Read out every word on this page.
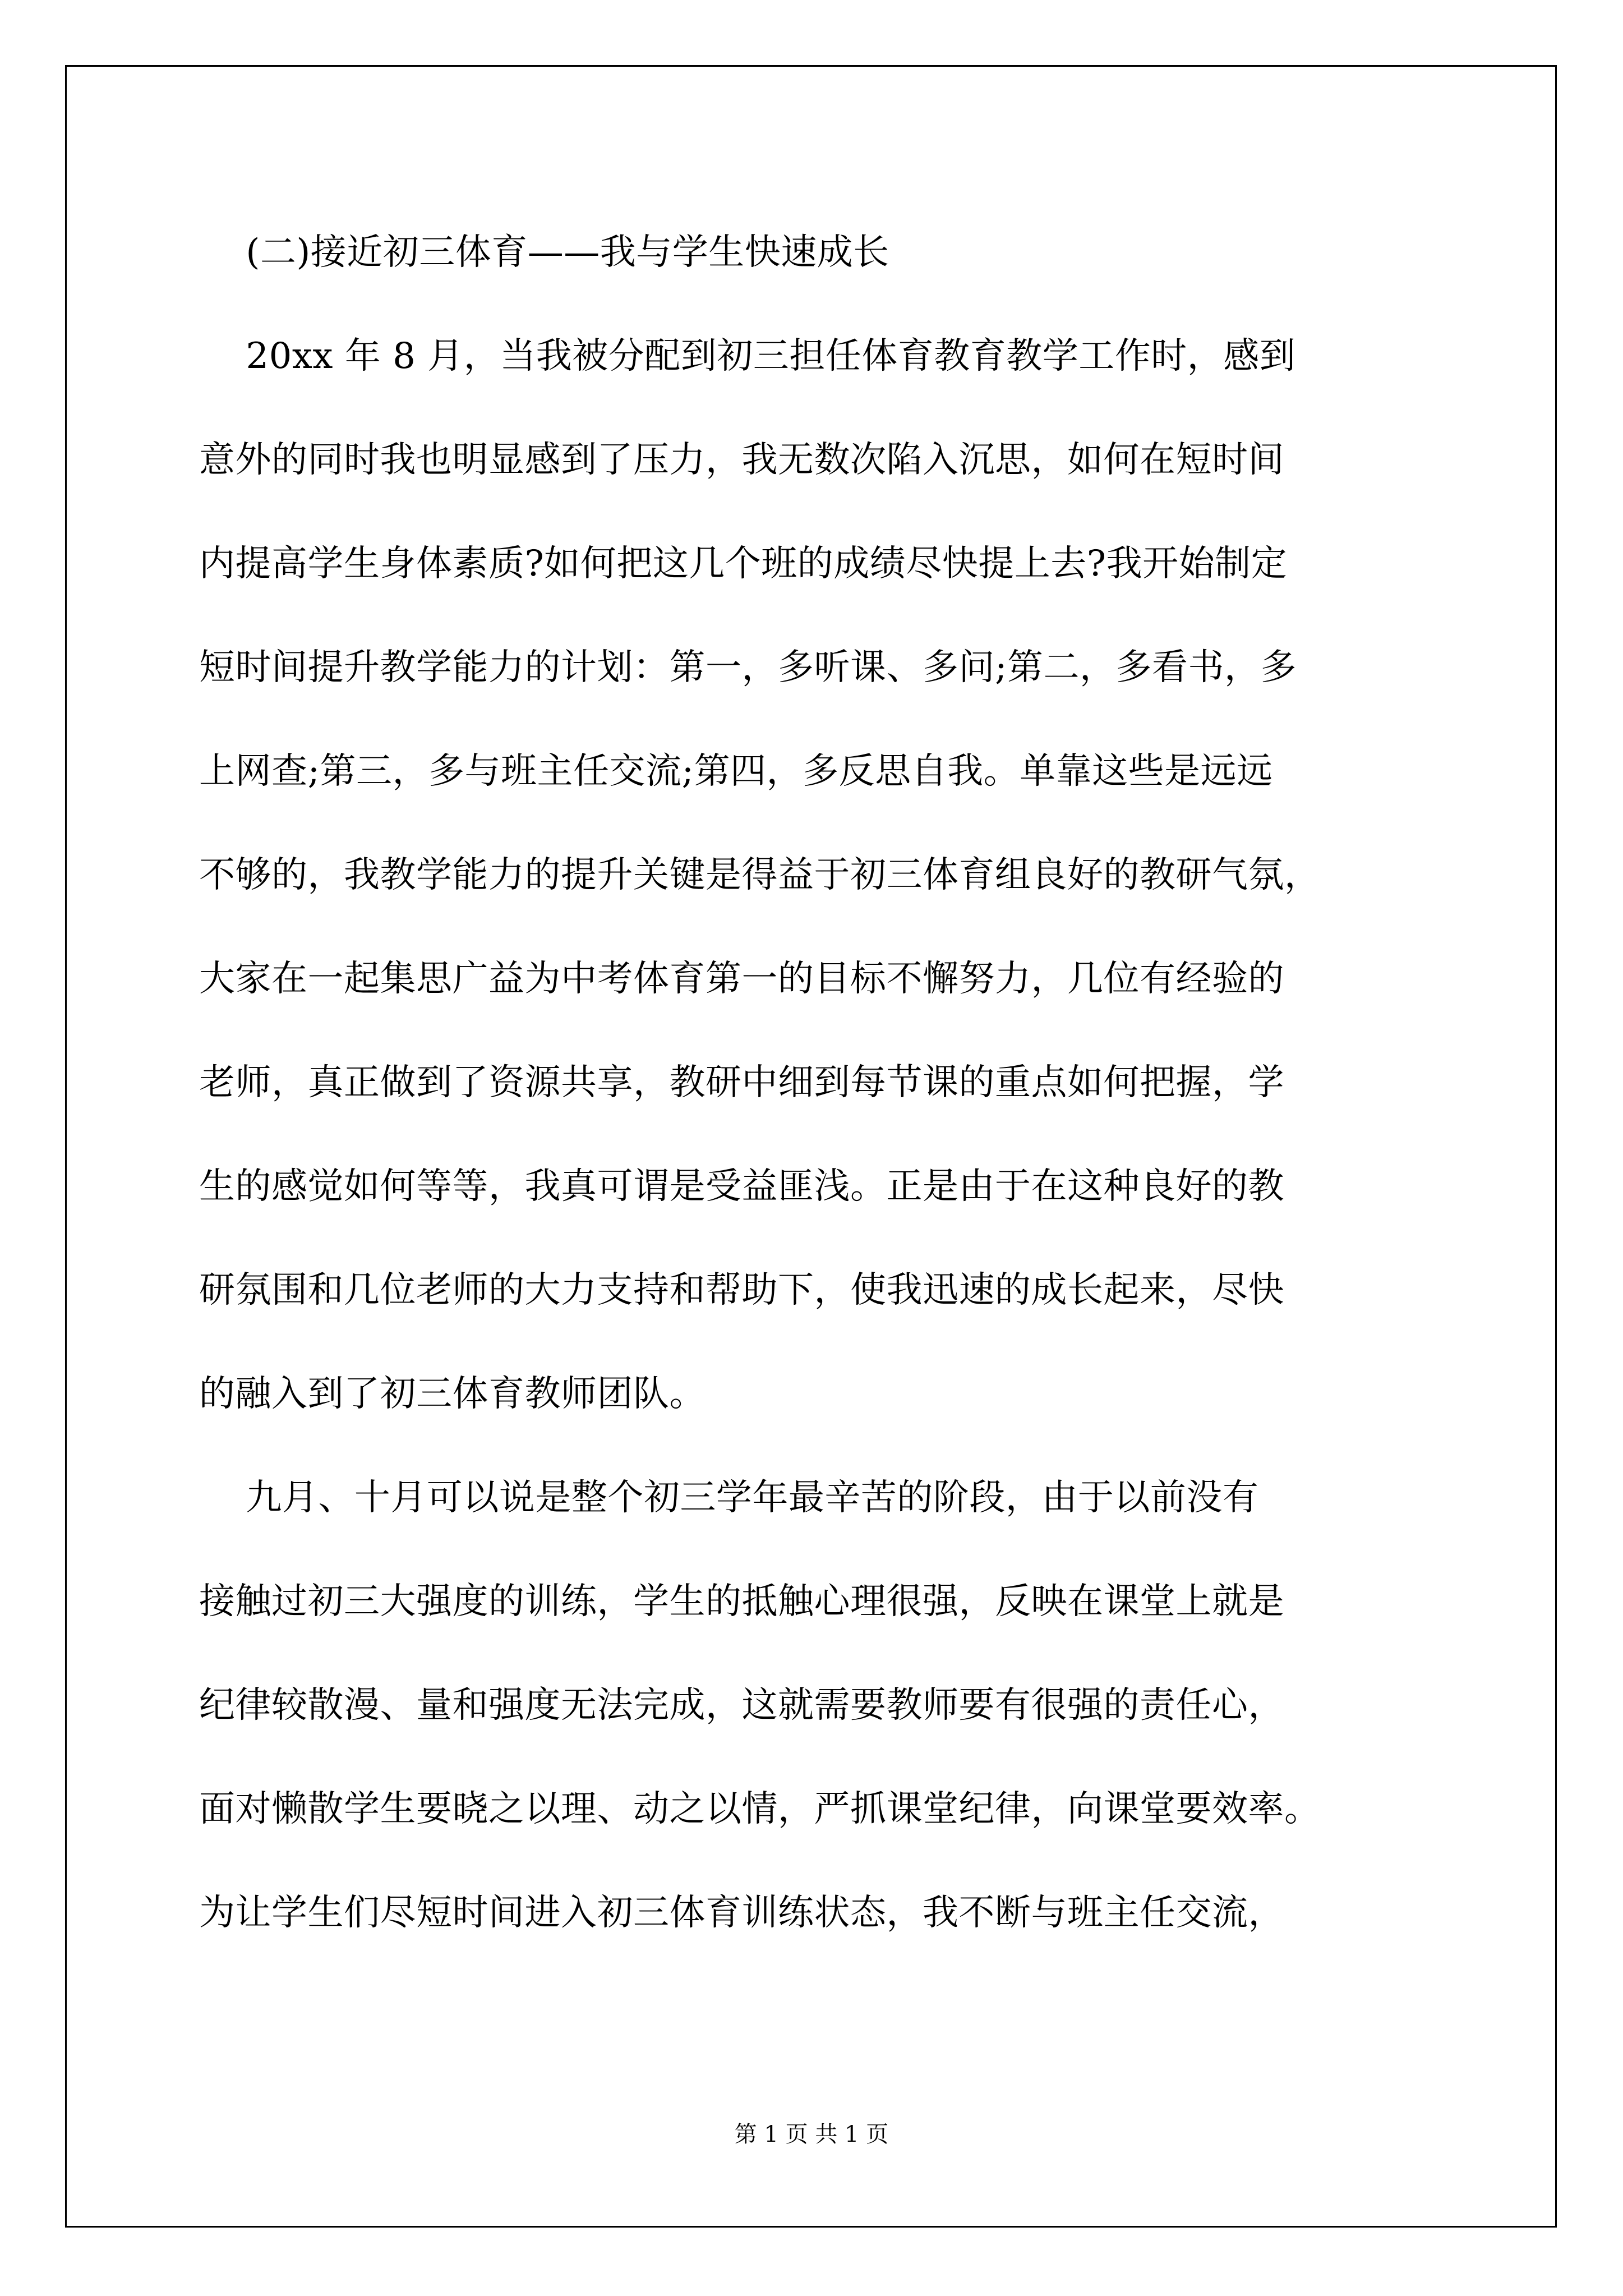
(二)接近初三体育——我与学生快速成长
20xx 年 8 月，当我被分配到初三担任体育教育教学工作时，感到
意外的同时我也明显感到了压力，我无数次陷入沉思，如何在短时间
内提高学生身体素质?如何把这几个班的成绩尽快提上去?我开始制定
短时间提升教学能力的计划：第一，多听课、多问;第二，多看书，多
上网查;第三，多与班主任交流;第四，多反思自我。单靠这些是远远
不够的，我教学能力的提升关键是得益于初三体育组良好的教研气氛，
大家在一起集思广益为中考体育第一的目标不懈努力，几位有经验的
老师，真正做到了资源共享，教研中细到每节课的重点如何把握，学
生的感觉如何等等，我真可谓是受益匪浅。正是由于在这种良好的教
研氛围和几位老师的大力支持和帮助下，使我迅速的成长起来，尽快
的融入到了初三体育教师团队。
九月、十月可以说是整个初三学年最辛苦的阶段，由于以前没有
接触过初三大强度的训练，学生的抵触心理很强，反映在课堂上就是
纪律较散漫、量和强度无法完成，这就需要教师要有很强的责任心，
面对懒散学生要晓之以理、动之以情，严抓课堂纪律，向课堂要效率。
为让学生们尽短时间进入初三体育训练状态，我不断与班主任交流，
第 1 页 共 1 页
